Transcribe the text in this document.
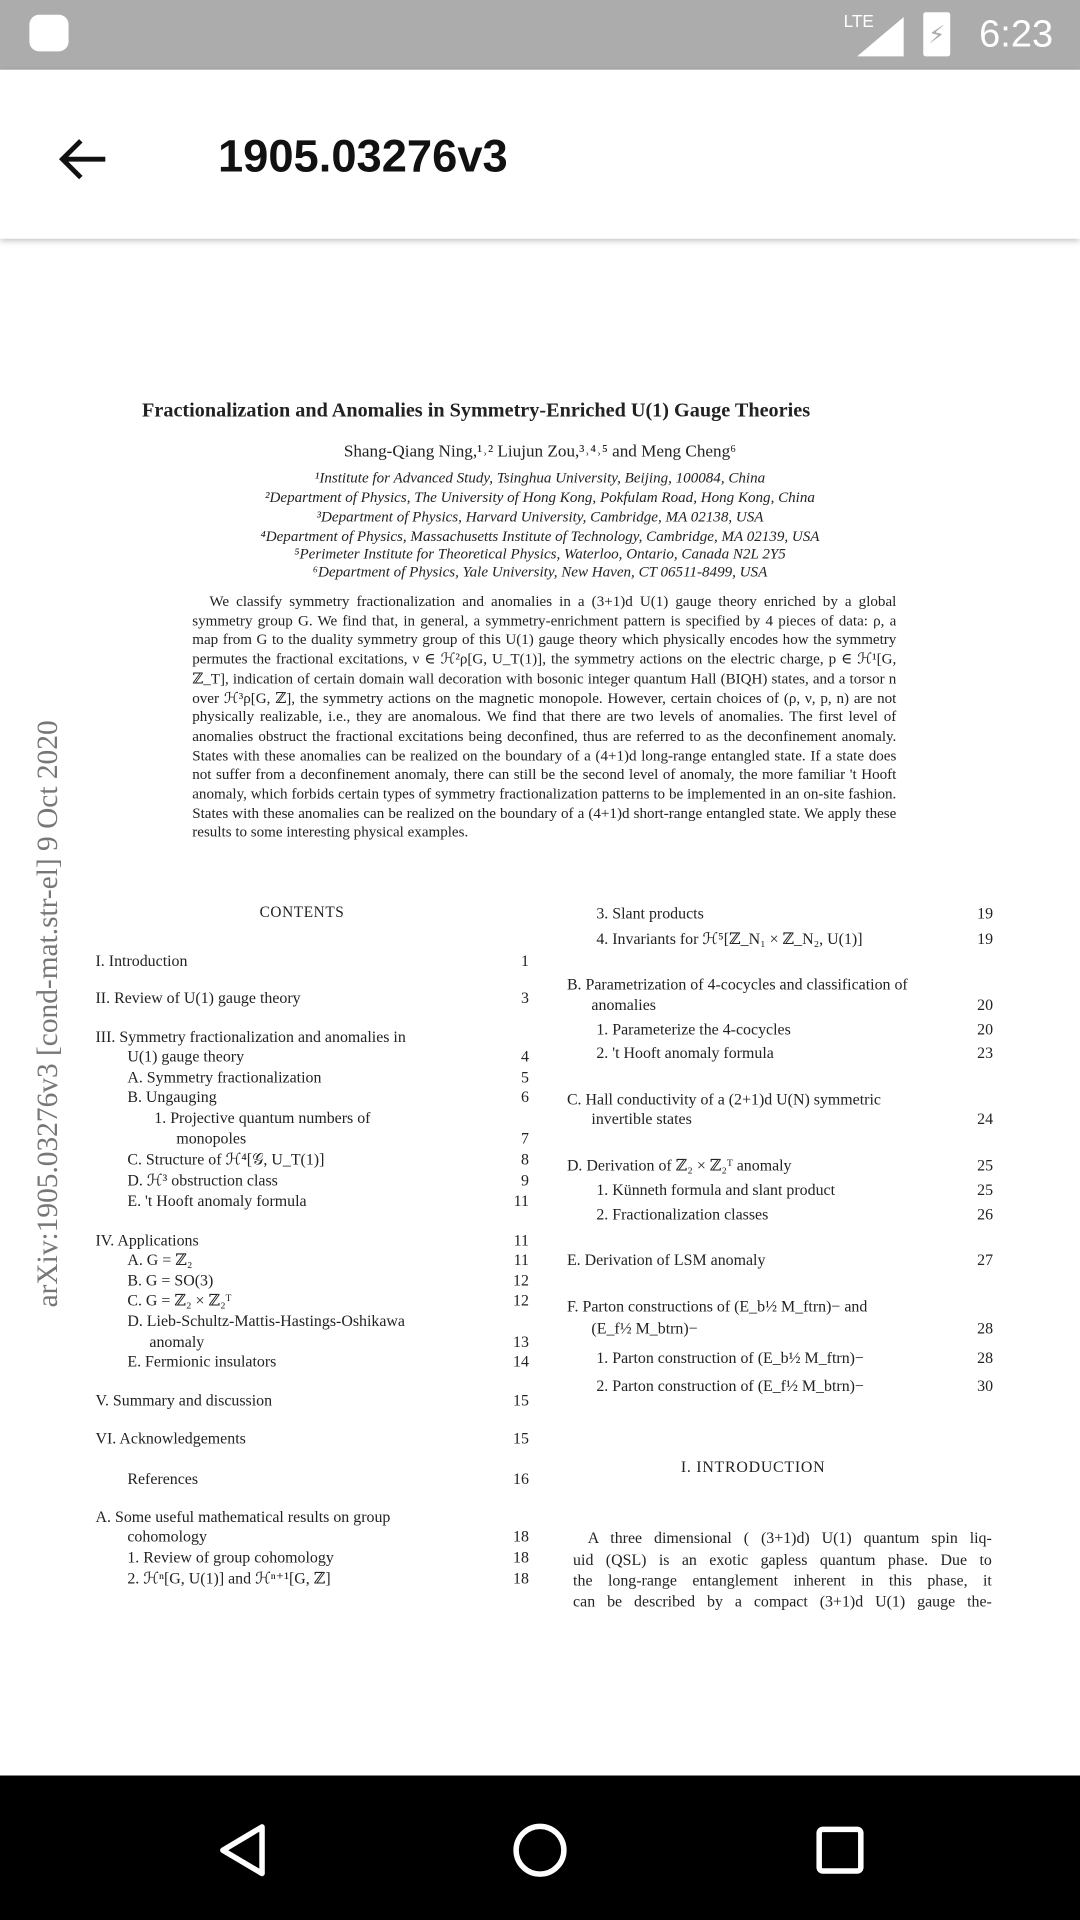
LTE	⚡ 6:23
1905.03276v3
Fractionalization and Anomalies in Symmetry-Enriched U(1) Gauge Theories
Shang-Qiang Ning,¹˒² Liujun Zou,³˒⁴˒⁵ and Meng Cheng⁶
¹Institute for Advanced Study, Tsinghua University, Beijing, 100084, China
²Department of Physics, The University of Hong Kong, Pokfulam Road, Hong Kong, China
³Department of Physics, Harvard University, Cambridge, MA 02138, USA
⁴Department of Physics, Massachusetts Institute of Technology, Cambridge, MA 02139, USA
⁵Perimeter Institute for Theoretical Physics, Waterloo, Ontario, Canada N2L 2Y5
⁶Department of Physics, Yale University, New Haven, CT 06511-8499, USA
We classify symmetry fractionalization and anomalies in a (3+1)d U(1) gauge theory enriched by a global symmetry group G. We find that, in general, a symmetry-enrichment pattern is specified by 4 pieces of data: ρ, a map from G to the duality symmetry group of this U(1) gauge theory which physically encodes how the symmetry permutes the fractional excitations, ν ∈ ℋ²ρ[G, U_T(1)], the symmetry actions on the electric charge, p ∈ ℋ¹[G, ℤ_T], indication of certain domain wall decoration with bosonic integer quantum Hall (BIQH) states, and a torsor n over ℋ³ρ[G, ℤ], the symmetry actions on the magnetic monopole. However, certain choices of (ρ, ν, p, n) are not physically realizable, i.e., they are anomalous. We find that there are two levels of anomalies. The first level of anomalies obstruct the fractional excitations being deconfined, thus are referred to as the deconfinement anomaly. States with these anomalies can be realized on the boundary of a (4+1)d long-range entangled state. If a state does not suffer from a deconfinement anomaly, there can still be the second level of anomaly, the more familiar 't Hooft anomaly, which forbids certain types of symmetry fractionalization patterns to be implemented in an on-site fashion. States with these anomalies can be realized on the boundary of a (4+1)d short-range entangled state. We apply these results to some interesting physical examples.
arXiv:1905.03276v3 [cond-mat.str-el] 9 Oct 2020	CONTENTS
I. Introduction	1
II. Review of U(1) gauge theory	3
III. Symmetry fractionalization and anomalies in
U(1) gauge theory	4
A. Symmetry fractionalization	5
B. Ungauging	6
1. Projective quantum numbers of
monopoles	7
C. Structure of ℋ⁴[𝒢, U_T(1)]	8
D. ℋ³ obstruction class	9
E. 't Hooft anomaly formula	11
IV. Applications	11
A. G = ℤ₂	11
B. G = SO(3)	12
C. G = ℤ₂ × ℤ₂ᵀ	12
D. Lieb-Schultz-Mattis-Hastings-Oshikawa
anomaly	13
E. Fermionic insulators	14
V. Summary and discussion	15
VI. Acknowledgements	15
References	16
A. Some useful mathematical results on group
cohomology	18
1. Review of group cohomology	18
2. ℋⁿ[G, U(1)] and ℋⁿ⁺¹[G, ℤ]	18
3. Slant products	19
4. Invariants for ℋ⁵[ℤ_N₁ × ℤ_N₂, U(1)]	19
B. Parametrization of 4-cocycles and classification of
anomalies	20
1. Parameterize the 4-cocycles	20
2. 't Hooft anomaly formula	23
C. Hall conductivity of a (2+1)d U(N) symmetric
invertible states	24
D. Derivation of ℤ₂ × ℤ₂ᵀ anomaly	25
1. Künneth formula and slant product	25
2. Fractionalization classes	26
E. Derivation of LSM anomaly	27
F. Parton constructions of (E_b½ M_ftrn)− and
(E_f½ M_btrn)−	28
1. Parton construction of (E_b½ M_ftrn)−	28
2. Parton construction of (E_f½ M_btrn)−	30
I. INTRODUCTION
A three dimensional ( (3+1)d) U(1) quantum spin liq-
uid (QSL) is an exotic gapless quantum phase. Due to
the long-range entanglement inherent in this phase, it
can be described by a compact (3+1)d U(1) gauge the-
